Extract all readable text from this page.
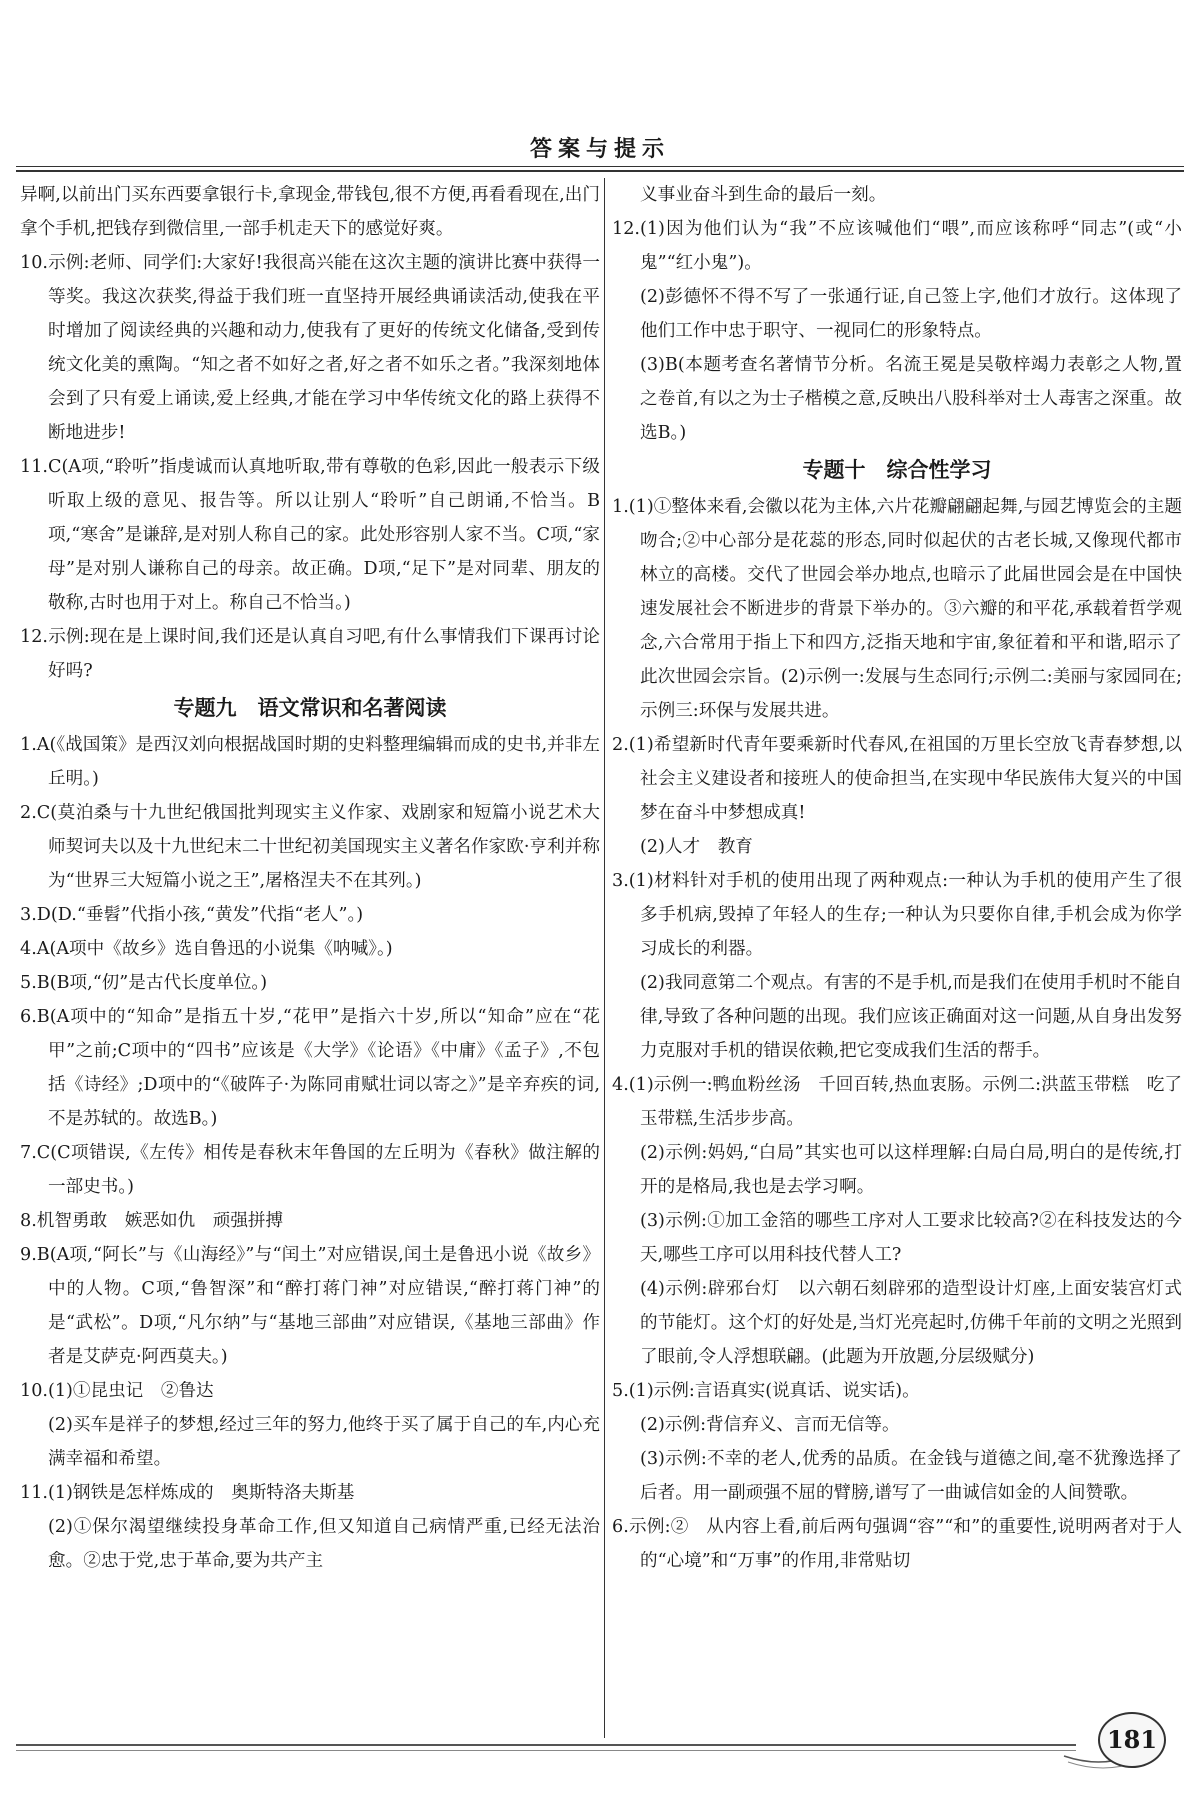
答案与提示

异啊,以前出门买东西要拿银行卡,拿现金,带钱包,很不方便,再看看现在,出门拿个手机,把钱存到微信里,一部手机走天下的感觉好爽。

10.示例:老师、同学们:大家好!我很高兴能在这次主题的演讲比赛中获得一等奖。我这次获奖,得益于我们班一直坚持开展经典诵读活动,使我在平时增加了阅读经典的兴趣和动力,使我有了更好的传统文化储备,受到传统文化美的熏陶。“知之者不如好之者,好之者不如乐之者。”我深刻地体会到了只有爱上诵读,爱上经典,才能在学习中华传统文化的路上获得不断地进步!

11.C(A项,“聆听”指虔诚而认真地听取,带有尊敬的色彩,因此一般表示下级听取上级的意见、报告等。所以让别人“聆听”自己朗诵,不恰当。B项,“寒舍”是谦辞,是对别人称自己的家。此处形容别人家不当。C项,“家母”是对别人谦称自己的母亲。故正确。D项,“足下”是对同辈、朋友的敬称,古时也用于对上。称自己不恰当。)

12.示例:现在是上课时间,我们还是认真自习吧,有什么事情我们下课再讨论好吗?

专题九　语文常识和名著阅读

1.A(《战国策》是西汉刘向根据战国时期的史料整理编辑而成的史书,并非左丘明。)

2.C(莫泊桑与十九世纪俄国批判现实主义作家、戏剧家和短篇小说艺术大师契诃夫以及十九世纪末二十世纪初美国现实主义著名作家欧·亨利并称为“世界三大短篇小说之王”,屠格涅夫不在其列。)

3.D(D.“垂髫”代指小孩,“黄发”代指“老人”。)

4.A(A项中《故乡》选自鲁迅的小说集《呐喊》。)

5.B(B项,“仞”是古代长度单位。)

6.B(A项中的“知命”是指五十岁,“花甲”是指六十岁,所以“知命”应在“花甲”之前;C项中的“四书”应该是《大学》《论语》《中庸》《孟子》,不包括《诗经》;D项中的“《破阵子·为陈同甫赋壮词以寄之》”是辛弃疾的词,不是苏轼的。故选B。)

7.C(C项错误,《左传》相传是春秋末年鲁国的左丘明为《春秋》做注解的一部史书。)

8.机智勇敢　嫉恶如仇　顽强拼搏

9.B(A项,“阿长”与《山海经》”与“闰土”对应错误,闰土是鲁迅小说《故乡》中的人物。C项,“鲁智深”和“醉打蒋门神”对应错误,“醉打蒋门神”的是“武松”。D项,“凡尔纳”与“基地三部曲”对应错误,《基地三部曲》作者是艾萨克·阿西莫夫。)

10.(1)①昆虫记　②鲁达

(2)买车是祥子的梦想,经过三年的努力,他终于买了属于自己的车,内心充满幸福和希望。

11.(1)钢铁是怎样炼成的　奥斯特洛夫斯基

(2)①保尔渴望继续投身革命工作,但又知道自己病情严重,已经无法治愈。②忠于党,忠于革命,要为共产主

义事业奋斗到生命的最后一刻。

12.(1)因为他们认为“我”不应该喊他们“喂”,而应该称呼“同志”(或“小鬼”“红小鬼”)。

(2)彭德怀不得不写了一张通行证,自己签上字,他们才放行。这体现了他们工作中忠于职守、一视同仁的形象特点。

(3)B(本题考查名著情节分析。名流王冕是吴敬梓竭力表彰之人物,置之卷首,有以之为士子楷模之意,反映出八股科举对士人毒害之深重。故选B。)

专题十　综合性学习

1.(1)①整体来看,会徽以花为主体,六片花瓣翩翩起舞,与园艺博览会的主题吻合;②中心部分是花蕊的形态,同时似起伏的古老长城,又像现代都市林立的高楼。交代了世园会举办地点,也暗示了此届世园会是在中国快速发展社会不断进步的背景下举办的。③六瓣的和平花,承载着哲学观念,六合常用于指上下和四方,泛指天地和宇宙,象征着和平和谐,昭示了此次世园会宗旨。(2)示例一:发展与生态同行;示例二:美丽与家园同在;示例三:环保与发展共进。

2.(1)希望新时代青年要乘新时代春风,在祖国的万里长空放飞青春梦想,以社会主义建设者和接班人的使命担当,在实现中华民族伟大复兴的中国梦在奋斗中梦想成真!

(2)人才　教育

3.(1)材料针对手机的使用出现了两种观点:一种认为手机的使用产生了很多手机病,毁掉了年轻人的生存;一种认为只要你自律,手机会成为你学习成长的利器。

(2)我同意第二个观点。有害的不是手机,而是我们在使用手机时不能自律,导致了各种问题的出现。我们应该正确面对这一问题,从自身出发努力克服对手机的错误依赖,把它变成我们生活的帮手。

4.(1)示例一:鸭血粉丝汤　千回百转,热血衷肠。示例二:洪蓝玉带糕　吃了玉带糕,生活步步高。

(2)示例:妈妈,“白局”其实也可以这样理解:白局白局,明白的是传统,打开的是格局,我也是去学习啊。

(3)示例:①加工金箔的哪些工序对人工要求比较高?②在科技发达的今天,哪些工序可以用科技代替人工?

(4)示例:辟邪台灯　以六朝石刻辟邪的造型设计灯座,上面安装宫灯式的节能灯。这个灯的好处是,当灯光亮起时,仿佛千年前的文明之光照到了眼前,令人浮想联翩。(此题为开放题,分层级赋分)

5.(1)示例:言语真实(说真话、说实话)。

(2)示例:背信弃义、言而无信等。

(3)示例:不幸的老人,优秀的品质。在金钱与道德之间,毫不犹豫选择了后者。用一副顽强不屈的臂膀,谱写了一曲诚信如金的人间赞歌。

6.示例:②　从内容上看,前后两句强调“容”“和”的重要性,说明两者对于人的“心境”和“万事”的作用,非常贴切

181
